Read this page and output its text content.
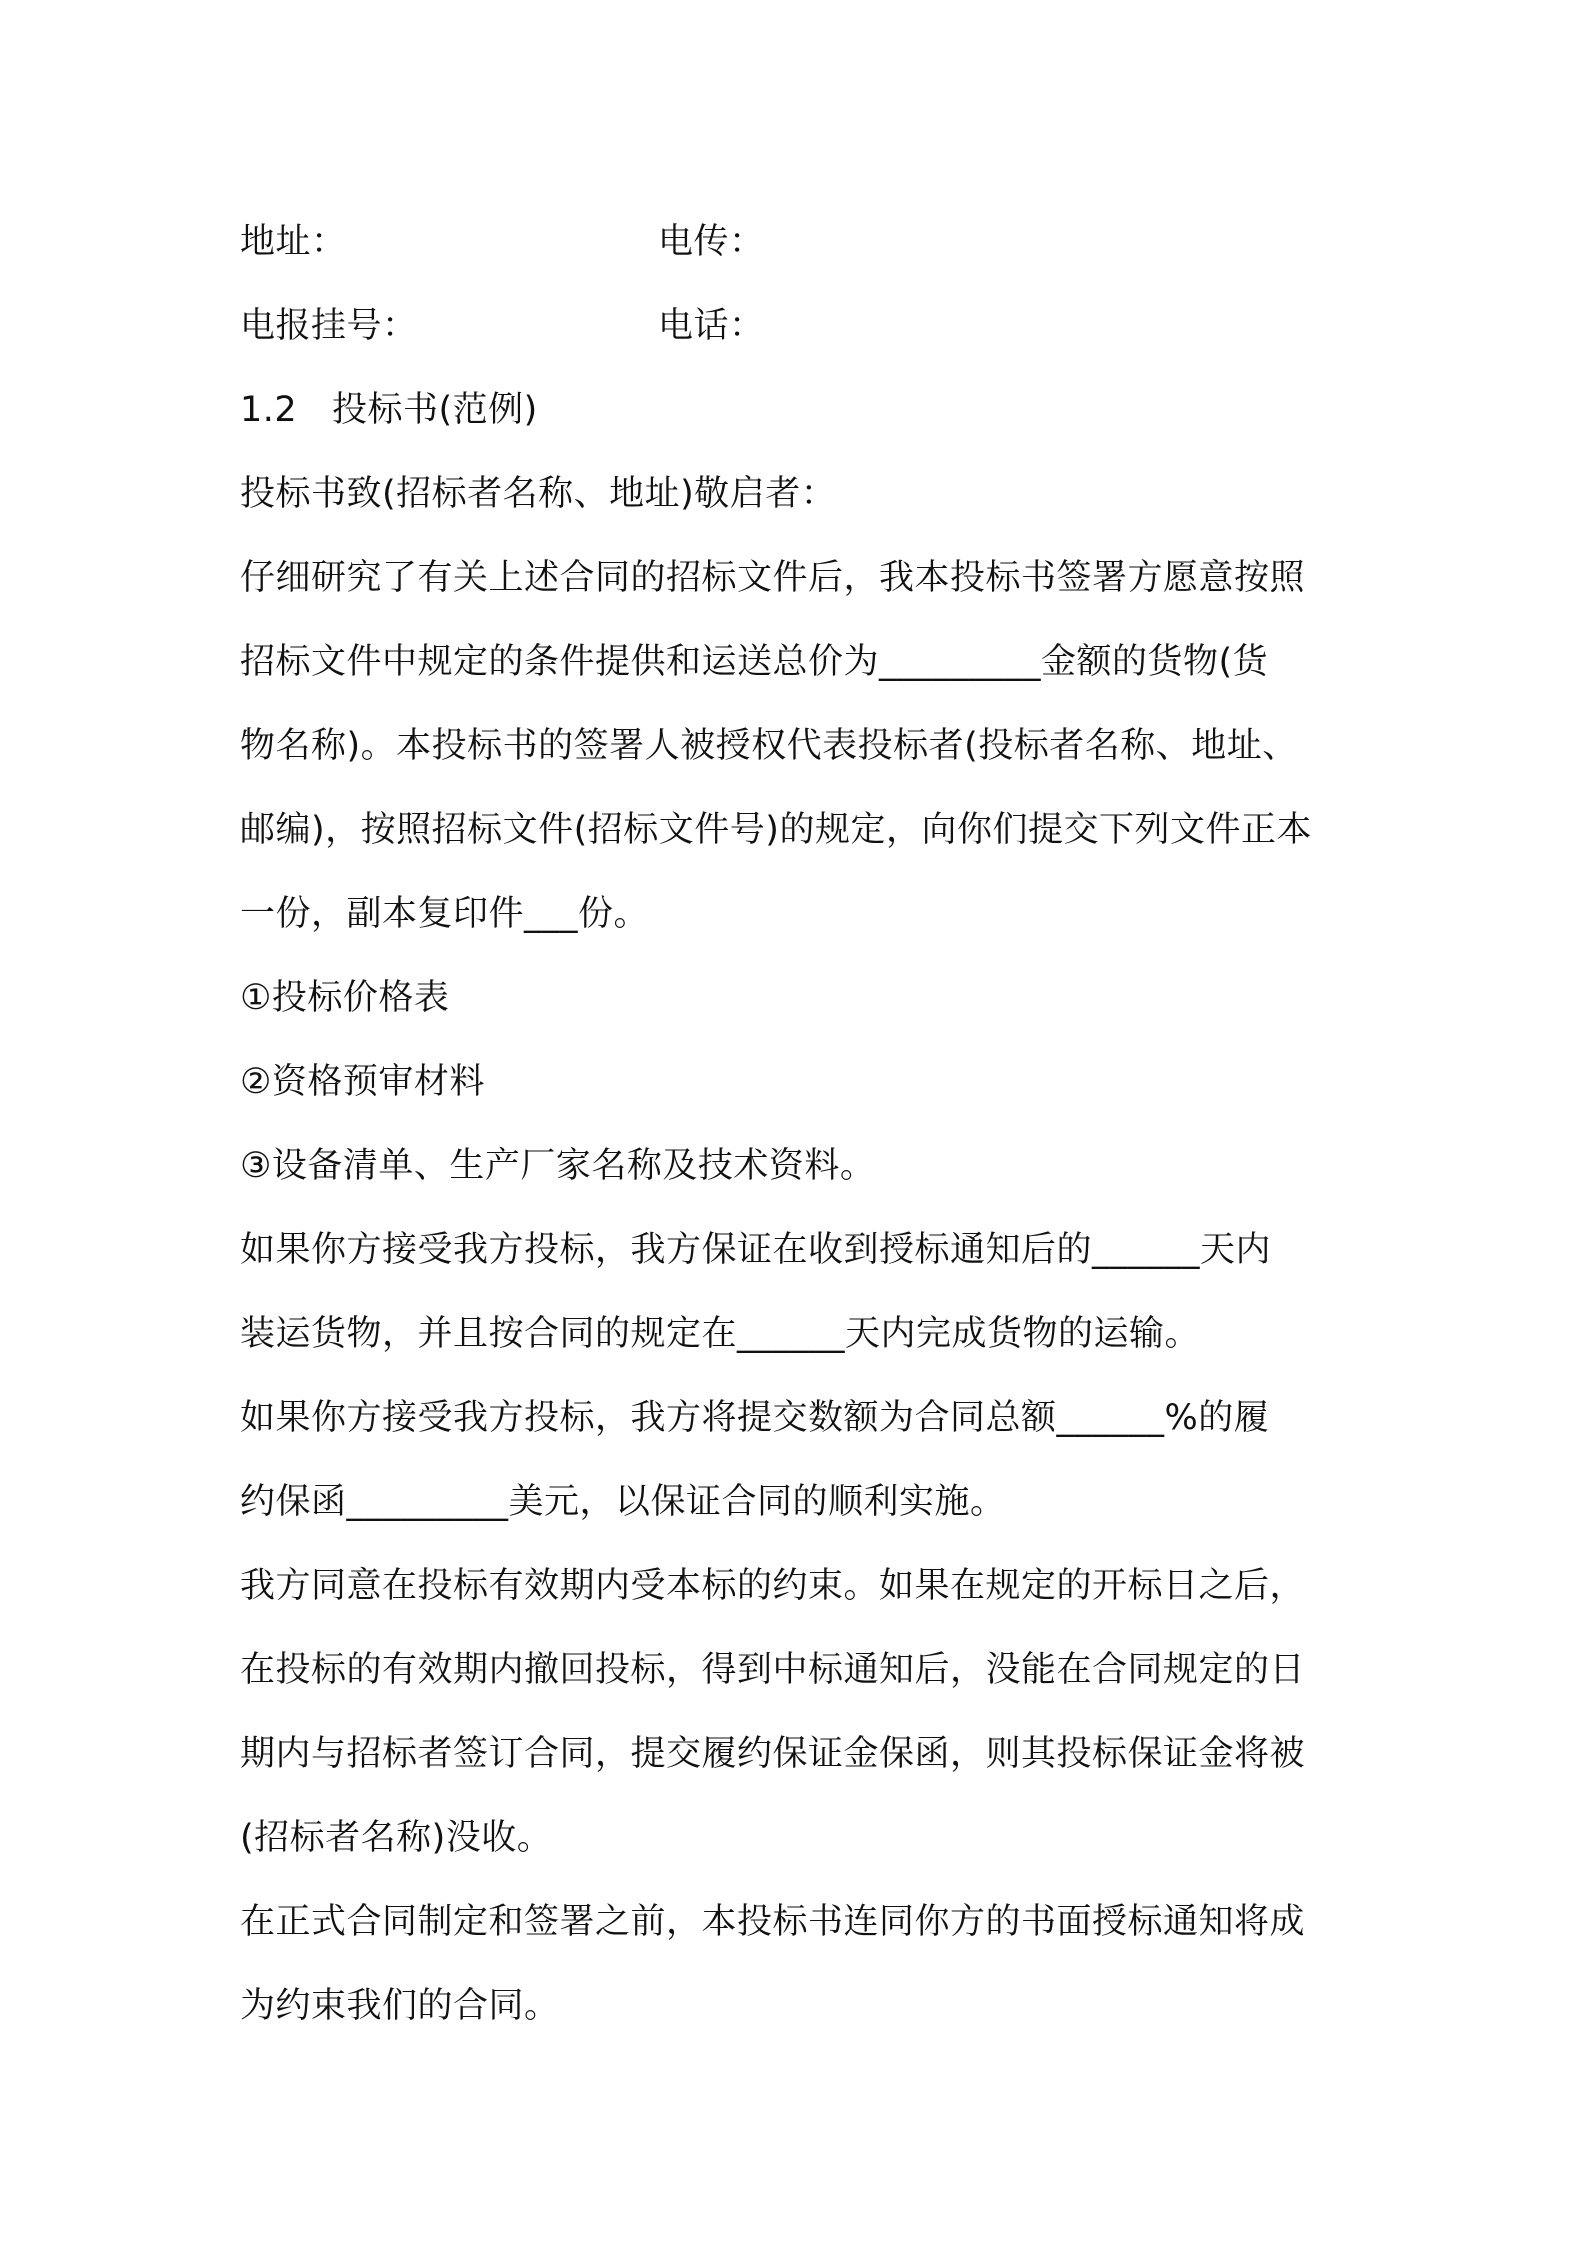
地址：	电传：
电报挂号：	电话：
1.2 投标书(范例)
投标书致(招标者名称、地址)敬启者：
仔细研究了有关上述合同的招标文件后，我本投标书签署方愿意按照
招标文件中规定的条件提供和运送总价为_________金额的货物(货
物名称)。本投标书的签署人被授权代表投标者(投标者名称、地址、
邮编)，按照招标文件(招标文件号)的规定，向你们提交下列文件正本
一份，副本复印件___份。
①投标价格表
②资格预审材料
③设备清单、生产厂家名称及技术资料。
如果你方接受我方投标，我方保证在收到授标通知后的______天内
装运货物，并且按合同的规定在______天内完成货物的运输。
如果你方接受我方投标，我方将提交数额为合同总额______%的履
约保函_________美元，以保证合同的顺利实施。
我方同意在投标有效期内受本标的约束。如果在规定的开标日之后，
在投标的有效期内撤回投标，得到中标通知后，没能在合同规定的日
期内与招标者签订合同，提交履约保证金保函，则其投标保证金将被
(招标者名称)没收。
在正式合同制定和签署之前，本投标书连同你方的书面授标通知将成
为约束我们的合同。
